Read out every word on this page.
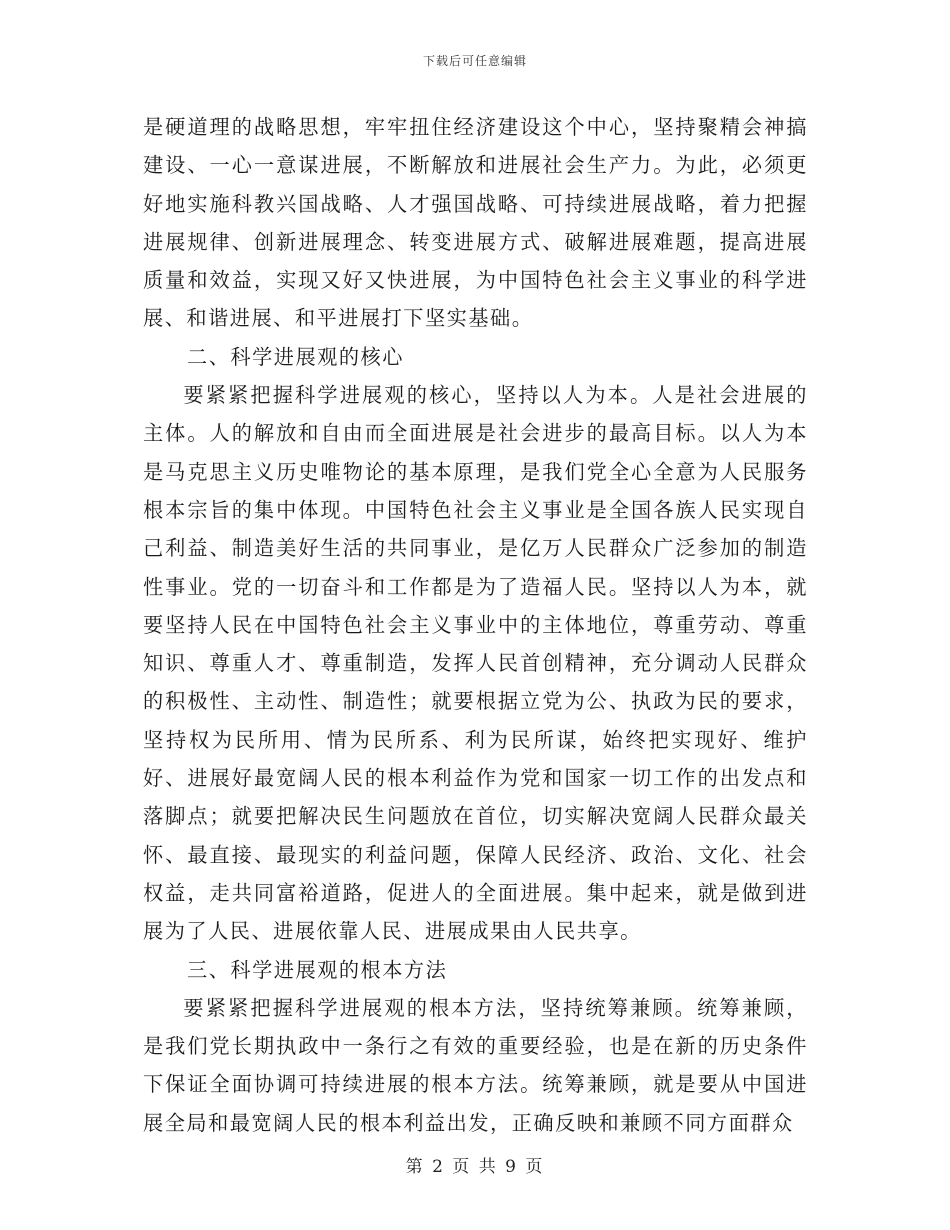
下载后可任意编辑

是硬道理的战略思想，牢牢扭住经济建设这个中心，坚持聚精会神搞建设、一心一意谋进展，不断解放和进展社会生产力。为此，必须更好地实施科教兴国战略、人才强国战略、可持续进展战略，着力把握进展规律、创新进展理念、转变进展方式、破解进展难题，提高进展质量和效益，实现又好又快进展，为中国特色社会主义事业的科学进展、和谐进展、和平进展打下坚实基础。

二、科学进展观的核心

要紧紧把握科学进展观的核心，坚持以人为本。人是社会进展的主体。人的解放和自由而全面进展是社会进步的最高目标。以人为本是马克思主义历史唯物论的基本原理，是我们党全心全意为人民服务根本宗旨的集中体现。中国特色社会主义事业是全国各族人民实现自己利益、制造美好生活的共同事业，是亿万人民群众广泛参加的制造性事业。党的一切奋斗和工作都是为了造福人民。坚持以人为本，就要坚持人民在中国特色社会主义事业中的主体地位，尊重劳动、尊重知识、尊重人才、尊重制造，发挥人民首创精神，充分调动人民群众的积极性、主动性、制造性；就要根据立党为公、执政为民的要求，坚持权为民所用、情为民所系、利为民所谋，始终把实现好、维护好、进展好最宽阔人民的根本利益作为党和国家一切工作的出发点和落脚点；就要把解决民生问题放在首位，切实解决宽阔人民群众最关怀、最直接、最现实的利益问题，保障人民经济、政治、文化、社会权益，走共同富裕道路，促进人的全面进展。集中起来，就是做到进展为了人民、进展依靠人民、进展成果由人民共享。

三、科学进展观的根本方法

要紧紧把握科学进展观的根本方法，坚持统筹兼顾。统筹兼顾，是我们党长期执政中一条行之有效的重要经验，也是在新的历史条件下保证全面协调可持续进展的根本方法。统筹兼顾，就是要从中国进展全局和最宽阔人民的根本利益出发，正确反映和兼顾不同方面群众

第 2 页 共 9 页
